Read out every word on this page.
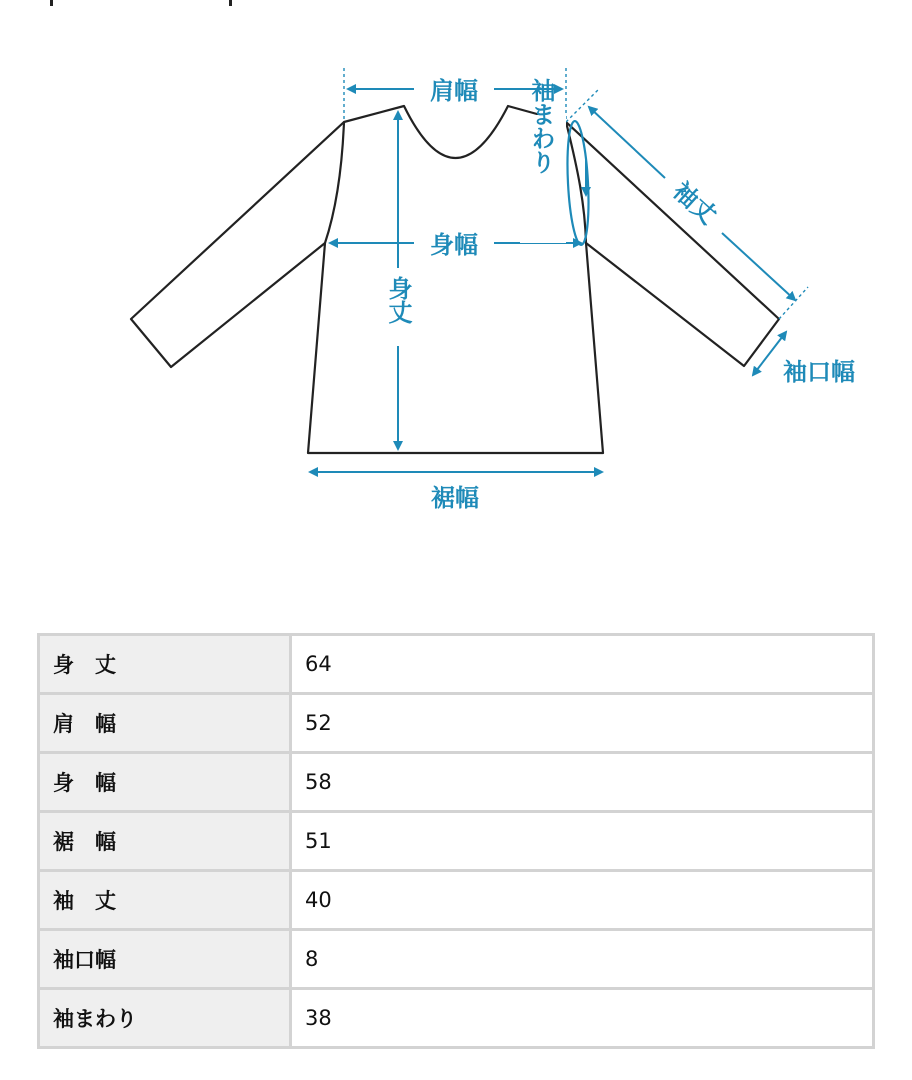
肩幅
身幅
身丈
裾幅
袖丈
袖口幅
袖まわり
身　丈	64
肩　幅	52
身　幅	58
裾　幅	51
袖　丈	40
袖口幅	8
袖まわり	38
